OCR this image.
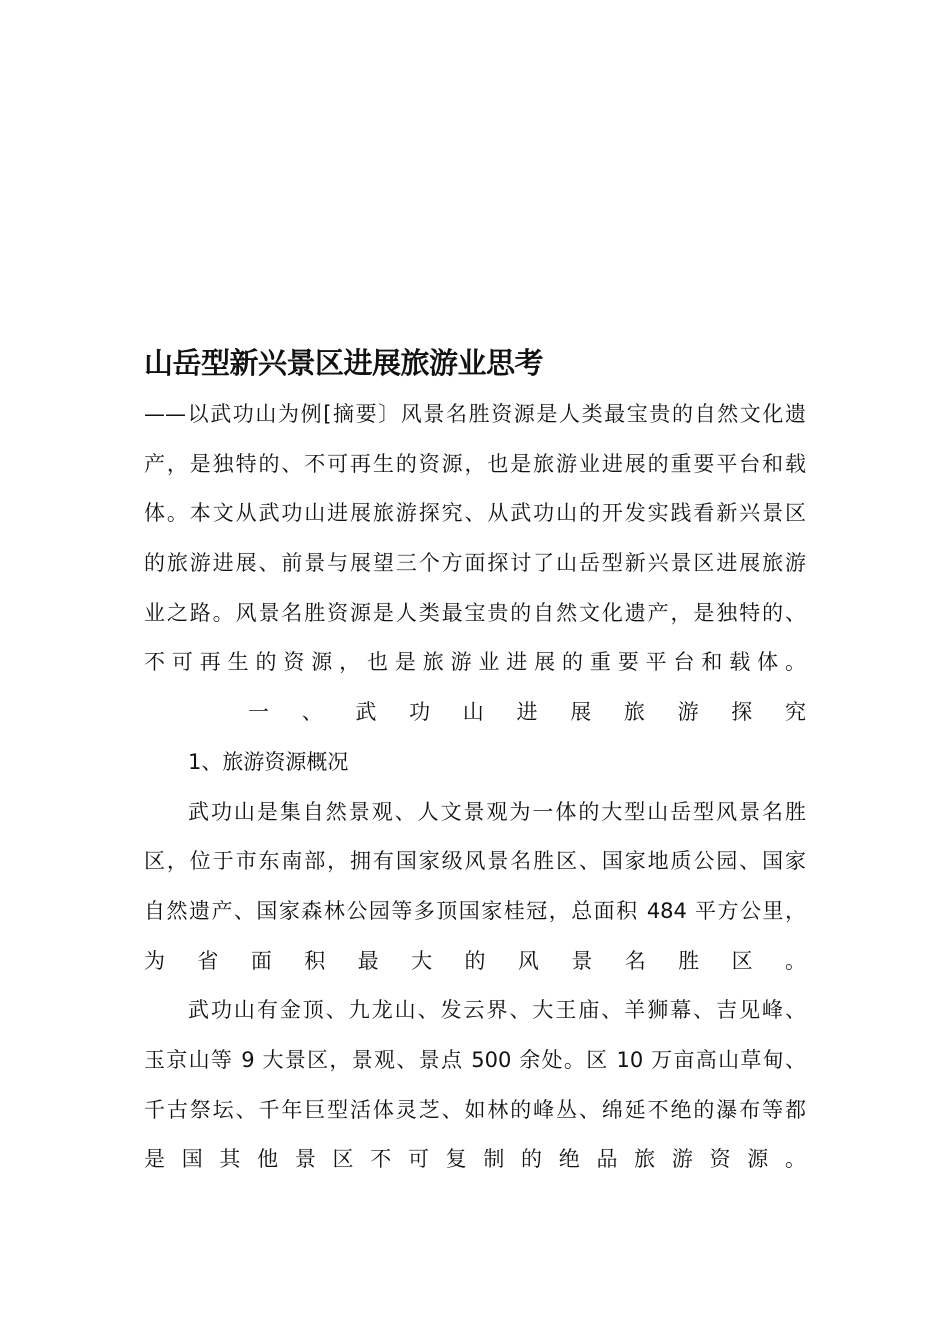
山岳型新兴景区进展旅游业思考
——以武功山为例[摘要〕风景名胜资源是人类最宝贵的自然文化遗
产，是独特的、不可再生的资源，也是旅游业进展的重要平台和载
体。本文从武功山进展旅游探究、从武功山的开发实践看新兴景区
的旅游进展、前景与展望三个方面探讨了山岳型新兴景区进展旅游
业之路。风景名胜资源是人类最宝贵的自然文化遗产，是独特的、
不可再生的资源，也是旅游业进展的重要平台和载体。
一、武功山进展旅游探究
1、旅游资源概况
武功山是集自然景观、人文景观为一体的大型山岳型风景名胜
区，位于市东南部，拥有国家级风景名胜区、国家地质公园、国家
自然遗产、国家森林公园等多顶国家桂冠，总面积 484 平方公里，
为省面积最大的风景名胜区。
武功山有金顶、九龙山、发云界、大王庙、羊狮幕、吉见峰、
玉京山等 9 大景区，景观、景点 500 余处。区 10 万亩高山草甸、
千古祭坛、千年巨型活体灵芝、如林的峰丛、绵延不绝的瀑布等都
是国其他景区不可复制的绝品旅游资源。
